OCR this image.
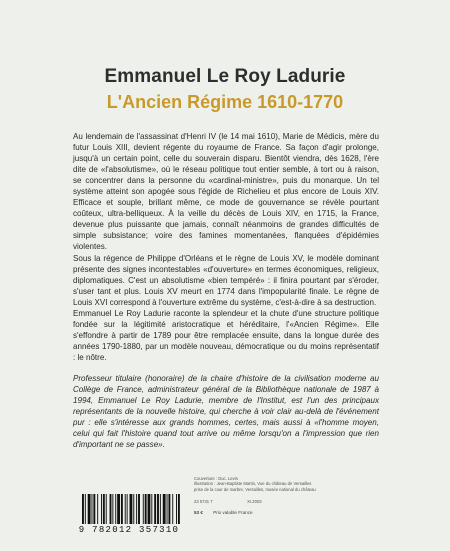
Emmanuel Le Roy Ladurie
L'Ancien Régime 1610-1770

Au lendemain de l'assassinat d'Henri IV (le 14 mai 1610), Marie de Médicis, mère du futur Louis XIII, devient régente du royaume de France. Sa façon d'agir prolonge, jusqu'à un certain point, celle du souverain disparu. Bientôt viendra, dès 1628, l'ère dite de «l'absolutisme», où le réseau politique tout entier semble, à tort ou à raison, se concentrer dans la personne du «cardinal-ministre», puis du monarque. Un tel système atteint son apogée sous l'égide de Richelieu et plus encore de Louis XIV. Efficace et souple, brillant même, ce mode de gouvernance se révèle pourtant coûteux, ultra-belliqueux. À la veille du décès de Louis XIV, en 1715, la France, devenue plus puissante que jamais, connaît néanmoins de grandes difficultés de simple subsistance; voire des famines momentanées, flanquées d'épidémies violentes.

Sous la régence de Philippe d'Orléans et le règne de Louis XV, le modèle dominant présente des signes incontestables «d'ouverture» en termes économiques, religieux, diplomatiques. C'est un absolutisme «bien tempéré» : il finira pourtant par s'éroder, s'user tant et plus. Louis XV meurt en 1774 dans l'impopularité finale. Le règne de Louis XVI correspond à l'ouverture extrême du système, c'est-à-dire à sa destruction.

Emmanuel Le Roy Ladurie raconte la splendeur et la chute d'une structure politique fondée sur la légitimité aristocratique et héréditaire, l'«Ancien Régime». Elle s'effondre à partir de 1789 pour être remplacée ensuite, dans la longue durée des années 1790-1880, par un modèle nouveau, démocratique ou du moins représentatif : le nôtre.

Professeur titulaire (honoraire) de la chaire d'histoire de la civilisation moderne au Collège de France, administrateur général de la Bibliothèque nationale de 1987 à 1994, Emmanuel Le Roy Ladurie, membre de l'Institut, est l'un des principaux représentants de la nouvelle histoire, qui cherche à voir clair au-delà de l'événement pur : elle s'intéresse aux grands hommes, certes, mais aussi à «l'homme moyen, celui qui fait l'histoire quand tout arrive ou même lorsqu'on a l'impression que rien d'important ne se passe».

Couverture : Duc. Levin
Illustration : Jean-Baptiste Martin, Vue du château de Versailles
prise de la cour de marbre, Versailles, musée national du château
23 5731 7	XI.2003
53 € Prix valable France
9 782012 357310
